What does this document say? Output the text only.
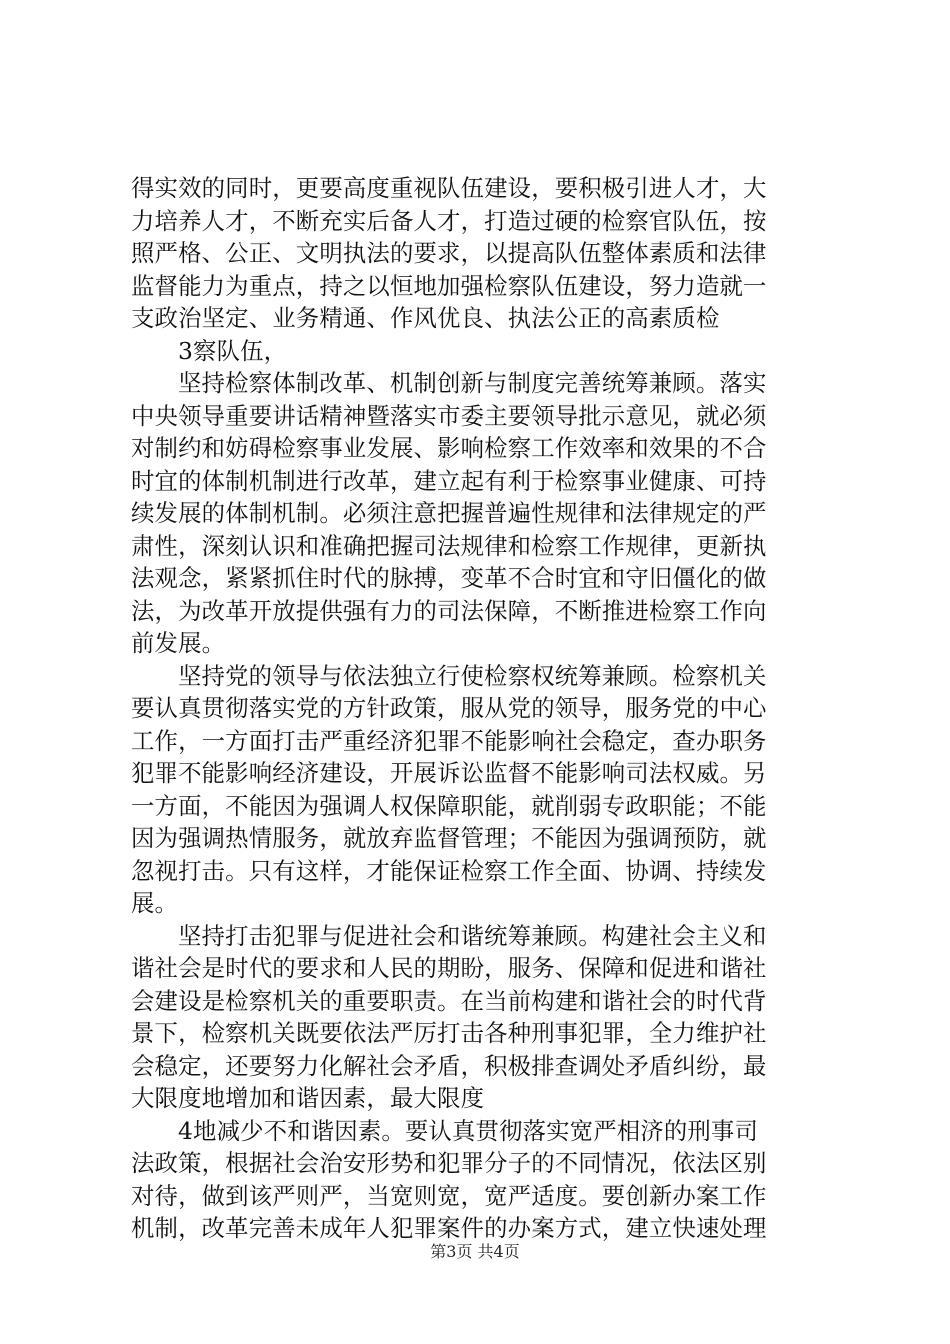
得实效的同时，更要高度重视队伍建设，要积极引进人才，大
力培养人才，不断充实后备人才，打造过硬的检察官队伍，按
照严格、公正、文明执法的要求，以提高队伍整体素质和法律
监督能力为重点，持之以恒地加强检察队伍建设，努力造就一
支政治坚定、业务精通、作风优良、执法公正的高素质检
3察队伍，
坚持检察体制改革、机制创新与制度完善统筹兼顾。落实
中央领导重要讲话精神暨落实市委主要领导批示意见，就必须
对制约和妨碍检察事业发展、影响检察工作效率和效果的不合
时宜的体制机制进行改革，建立起有利于检察事业健康、可持
续发展的体制机制。必须注意把握普遍性规律和法律规定的严
肃性，深刻认识和准确把握司法规律和检察工作规律，更新执
法观念，紧紧抓住时代的脉搏，变革不合时宜和守旧僵化的做
法，为改革开放提供强有力的司法保障，不断推进检察工作向
前发展。
坚持党的领导与依法独立行使检察权统筹兼顾。检察机关
要认真贯彻落实党的方针政策，服从党的领导，服务党的中心
工作，一方面打击严重经济犯罪不能影响社会稳定，查办职务
犯罪不能影响经济建设，开展诉讼监督不能影响司法权威。另
一方面，不能因为强调人权保障职能，就削弱专政职能；不能
因为强调热情服务，就放弃监督管理；不能因为强调预防，就
忽视打击。只有这样，才能保证检察工作全面、协调、持续发
展。
坚持打击犯罪与促进社会和谐统筹兼顾。构建社会主义和
谐社会是时代的要求和人民的期盼，服务、保障和促进和谐社
会建设是检察机关的重要职责。在当前构建和谐社会的时代背
景下，检察机关既要依法严厉打击各种刑事犯罪，全力维护社
会稳定，还要努力化解社会矛盾，积极排查调处矛盾纠纷，最
大限度地增加和谐因素，最大限度
4地减少不和谐因素。要认真贯彻落实宽严相济的刑事司
法政策，根据社会治安形势和犯罪分子的不同情况，依法区别
对待，做到该严则严，当宽则宽，宽严适度。要创新办案工作
机制，改革完善未成年人犯罪案件的办案方式，建立快速处理
第3页 共4页
